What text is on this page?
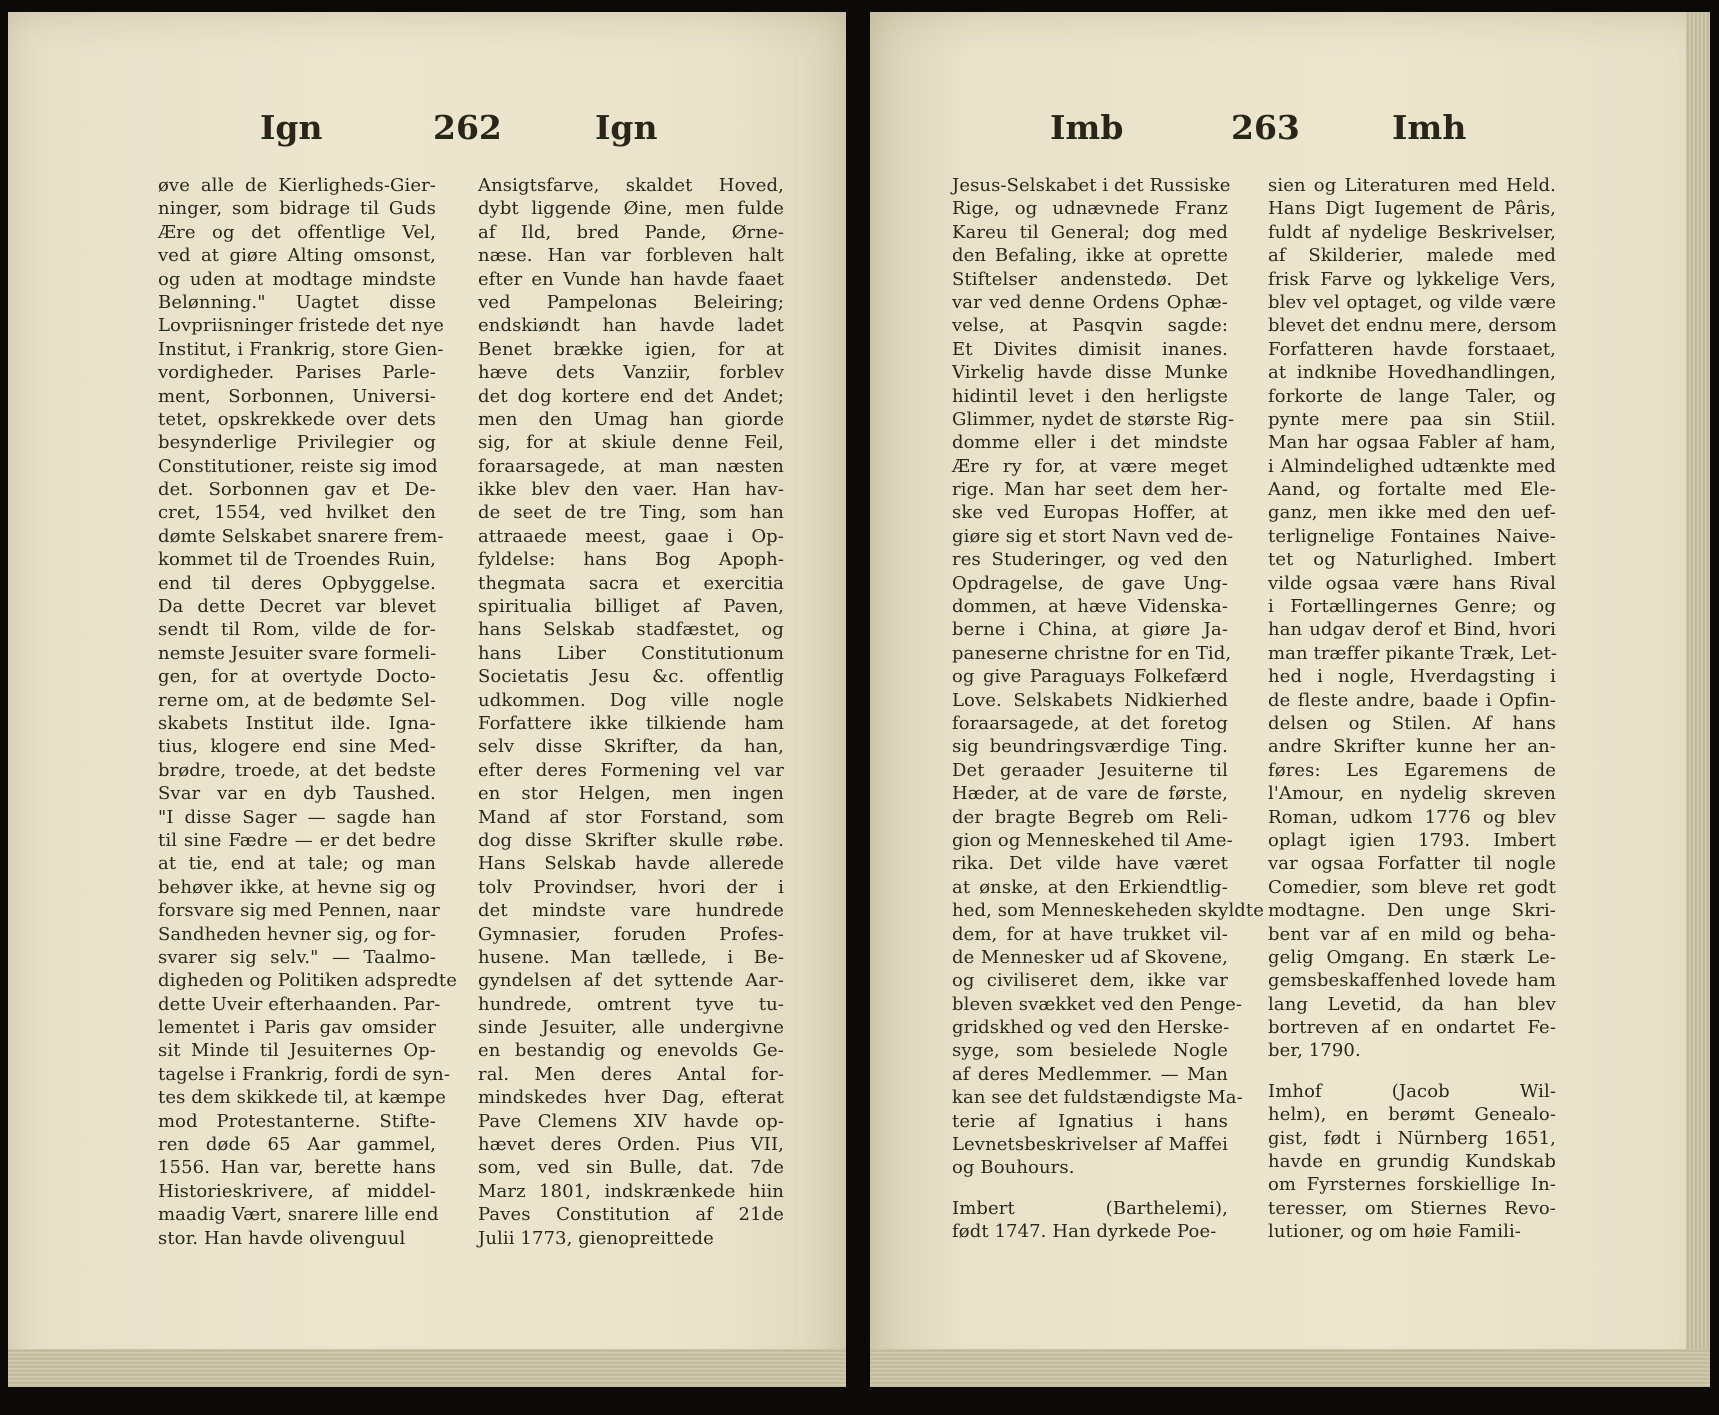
Ign	262	Ign
øve alle de Kierligheds-Gier-
ninger, som bidrage til Guds
Ære og det offentlige Vel,
ved at giøre Alting omsonst,
og uden at modtage mindste
Belønning." Uagtet disse
Lovpriisninger fristede det nye
Institut, i Frankrig, store Gien-
vordigheder. Parises Parle-
ment, Sorbonnen, Universi-
tetet, opskrekkede over dets
besynderlige Privilegier og
Constitutioner, reiste sig imod
det. Sorbonnen gav et De-
cret, 1554, ved hvilket den
dømte Selskabet snarere frem-
kommet til de Troendes Ruin,
end til deres Opbyggelse.
Da dette Decret var blevet
sendt til Rom, vilde de for-
nemste Jesuiter svare formeli-
gen, for at overtyde Docto-
rerne om, at de bedømte Sel-
skabets Institut ilde. Igna-
tius, klogere end sine Med-
brødre, troede, at det bedste
Svar var en dyb Taushed.
"I disse Sager — sagde han
til sine Fædre — er det bedre
at tie, end at tale; og man
behøver ikke, at hevne sig og
forsvare sig med Pennen, naar
Sandheden hevner sig, og for-
svarer sig selv." — Taalmo-
digheden og Politiken adspredte
dette Uveir efterhaanden. Par-
lementet i Paris gav omsider
sit Minde til Jesuiternes Op-
tagelse i Frankrig, fordi de syn-
tes dem skikkede til, at kæmpe
mod Protestanterne. Stifte-
ren døde 65 Aar gammel,
1556. Han var, berette hans
Historieskrivere, af middel-
maadig Vært, snarere lille end
stor. Han havde olivenguul
Ansigtsfarve, skaldet Hoved,
dybt liggende Øine, men fulde
af Ild, bred Pande, Ørne-
næse. Han var forbleven halt
efter en Vunde han havde faaet
ved Pampelonas Beleiring;
endskiøndt han havde ladet
Benet brække igien, for at
hæve dets Vanziir, forblev
det dog kortere end det Andet;
men den Umag han giorde
sig, for at skiule denne Feil,
foraarsagede, at man næsten
ikke blev den vaer. Han hav-
de seet de tre Ting, som han
attraaede meest, gaae i Op-
fyldelse: hans Bog Apoph-
thegmata sacra et exercitia
spiritualia billiget af Paven,
hans Selskab stadfæstet, og
hans Liber Constitutionum
Societatis Jesu &c. offentlig
udkommen. Dog ville nogle
Forfattere ikke tilkiende ham
selv disse Skrifter, da han,
efter deres Formening vel var
en stor Helgen, men ingen
Mand af stor Forstand, som
dog disse Skrifter skulle røbe.
Hans Selskab havde allerede
tolv Provindser, hvori der i
det mindste vare hundrede
Gymnasier, foruden Profes-
husene. Man tællede, i Be-
gyndelsen af det syttende Aar-
hundrede, omtrent tyve tu-
sinde Jesuiter, alle undergivne
en bestandig og enevolds Ge-
ral. Men deres Antal for-
mindskedes hver Dag, efterat
Pave Clemens XIV havde op-
hævet deres Orden. Pius VII,
som, ved sin Bulle, dat. 7de
Marz 1801, indskrænkede hiin
Paves Constitution af 21de
Julii 1773, gienopreittede
Imb	263	Imh
Jesus-Selskabet i det Russiske
Rige, og udnævnede Franz
Kareu til General; dog med
den Befaling, ikke at oprette
Stiftelser andenstedø. Det
var ved denne Ordens Ophæ-
velse, at Pasqvin sagde:
Et Divites dimisit inanes.
Virkelig havde disse Munke
hidintil levet i den herligste
Glimmer, nydet de største Rig-
domme eller i det mindste
Ære ry for, at være meget
rige. Man har seet dem her-
ske ved Europas Hoffer, at
giøre sig et stort Navn ved de-
res Studeringer, og ved den
Opdragelse, de gave Ung-
dommen, at hæve Videnska-
berne i China, at giøre Ja-
paneserne christne for en Tid,
og give Paraguays Folkefærd
Love. Selskabets Nidkierhed
foraarsagede, at det foretog
sig beundringsværdige Ting.
Det geraader Jesuiterne til
Hæder, at de vare de første,
der bragte Begreb om Reli-
gion og Menneskehed til Ame-
rika. Det vilde have været
at ønske, at den Erkiendtlig-
hed, som Menneskeheden skyldte
dem, for at have trukket vil-
de Mennesker ud af Skovene,
og civiliseret dem, ikke var
bleven svækket ved den Penge-
gridskhed og ved den Herske-
syge, som besielede Nogle
af deres Medlemmer. — Man
kan see det fuldstændigste Ma-
terie af Ignatius i hans
Levnetsbeskrivelser af Maffei
og Bouhours.
Imbert (Barthelemi),
født 1747. Han dyrkede Poe-
sien og Literaturen med Held.
Hans Digt Iugement de Pâris,
fuldt af nydelige Beskrivelser,
af Skilderier, malede med
frisk Farve og lykkelige Vers,
blev vel optaget, og vilde være
blevet det endnu mere, dersom
Forfatteren havde forstaaet,
at indknibe Hovedhandlingen,
forkorte de lange Taler, og
pynte mere paa sin Stiil.
Man har ogsaa Fabler af ham,
i Almindelighed udtænkte med
Aand, og fortalte med Ele-
ganz, men ikke med den uef-
terlignelige Fontaines Naive-
tet og Naturlighed. Imbert
vilde ogsaa være hans Rival
i Fortællingernes Genre; og
han udgav derof et Bind, hvori
man træffer pikante Træk, Let-
hed i nogle, Hverdagsting i
de fleste andre, baade i Opfin-
delsen og Stilen. Af hans
andre Skrifter kunne her an-
føres: Les Egaremens de
l'Amour, en nydelig skreven
Roman, udkom 1776 og blev
oplagt igien 1793. Imbert
var ogsaa Forfatter til nogle
Comedier, som bleve ret godt
modtagne. Den unge Skri-
bent var af en mild og beha-
gelig Omgang. En stærk Le-
gemsbeskaffenhed lovede ham
lang Levetid, da han blev
bortreven af en ondartet Fe-
ber, 1790.
Imhof (Jacob Wil-
helm), en berømt Genealo-
gist, født i Nürnberg 1651,
havde en grundig Kundskab
om Fyrsternes forskiellige In-
teresser, om Stiernes Revo-
lutioner, og om høie Famili-
